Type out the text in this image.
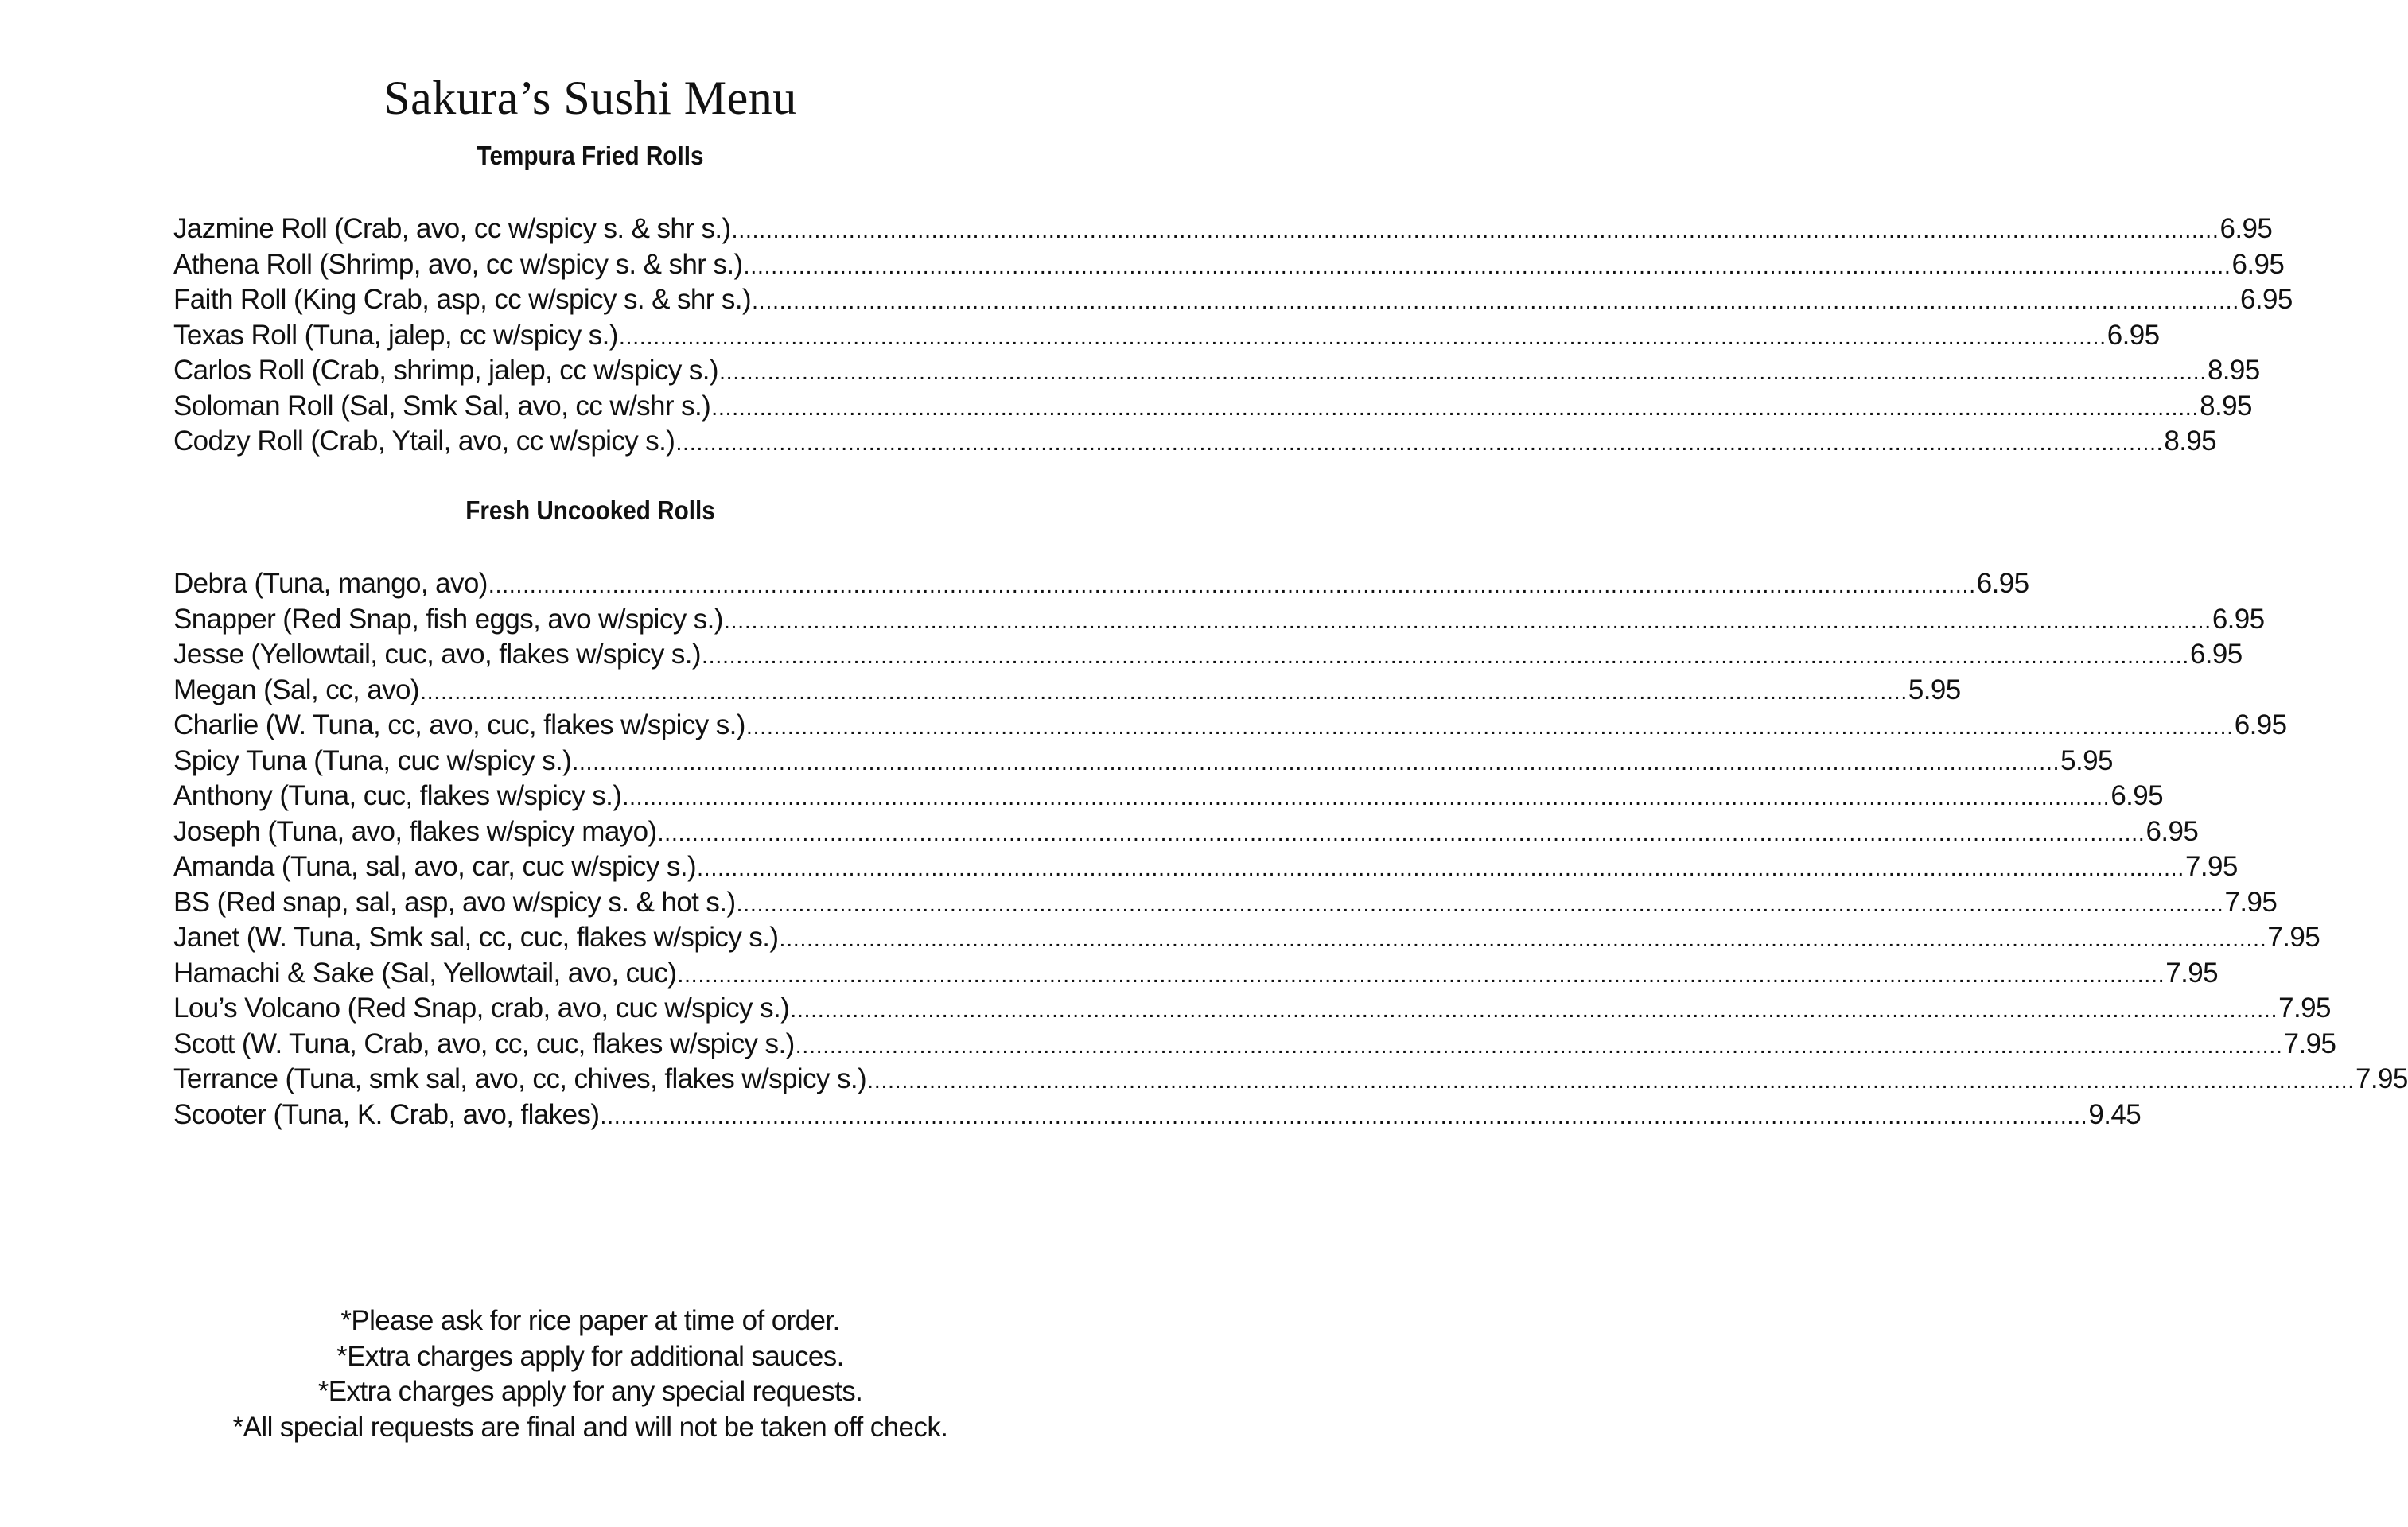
Sakura’s Sushi Menu
Tempura Fried Rolls
Jazmine Roll (Crab, avo, cc w/spicy s. & shr s.) .....	6.95
Athena Roll (Shrimp, avo, cc w/spicy s. & shr s.) .....	6.95
Faith Roll (King Crab, asp, cc w/spicy s. & shr s.) .....	6.95
Texas Roll (Tuna, jalep, cc w/spicy s.) .....	6.95
Carlos Roll (Crab, shrimp, jalep, cc w/spicy s.) .....	8.95
Soloman Roll (Sal, Smk Sal, avo, cc w/shr s.) .....	8.95
Codzy Roll (Crab, Ytail, avo, cc w/spicy s.) .....	8.95
Fresh Uncooked Rolls
Debra (Tuna, mango, avo) .....	6.95
Snapper (Red Snap, fish eggs, avo w/spicy s.) .....	6.95
Jesse (Yellowtail, cuc, avo, flakes w/spicy s.) .....	6.95
Megan (Sal, cc, avo) .....	5.95
Charlie (W. Tuna, cc, avo, cuc, flakes w/spicy s.) .....	6.95
Spicy Tuna (Tuna, cuc w/spicy s.) .....	5.95
Anthony (Tuna, cuc, flakes w/spicy s.) .....	6.95
Joseph (Tuna, avo, flakes w/spicy mayo) .....	6.95
Amanda (Tuna, sal, avo, car, cuc w/spicy s.) .....	7.95
BS (Red snap, sal, asp, avo w/spicy s. & hot s.) .....	7.95
Janet (W. Tuna, Smk sal, cc, cuc, flakes w/spicy s.) .....	7.95
Hamachi & Sake (Sal, Yellowtail, avo, cuc) .....	7.95
Lou’s Volcano (Red Snap, crab, avo, cuc w/spicy s.) .....	7.95
Scott (W. Tuna, Crab, avo, cc, cuc, flakes w/spicy s.) .....	7.95
Terrance (Tuna, smk sal, avo, cc, chives, flakes w/spicy s.) .....	7.95
Scooter (Tuna, K. Crab, avo, flakes) .....	9.45
*Please ask for rice paper at time of order.
*Extra charges apply for additional sauces.
*Extra charges apply for any special requests.
*All special requests are final and will not be taken off check.
